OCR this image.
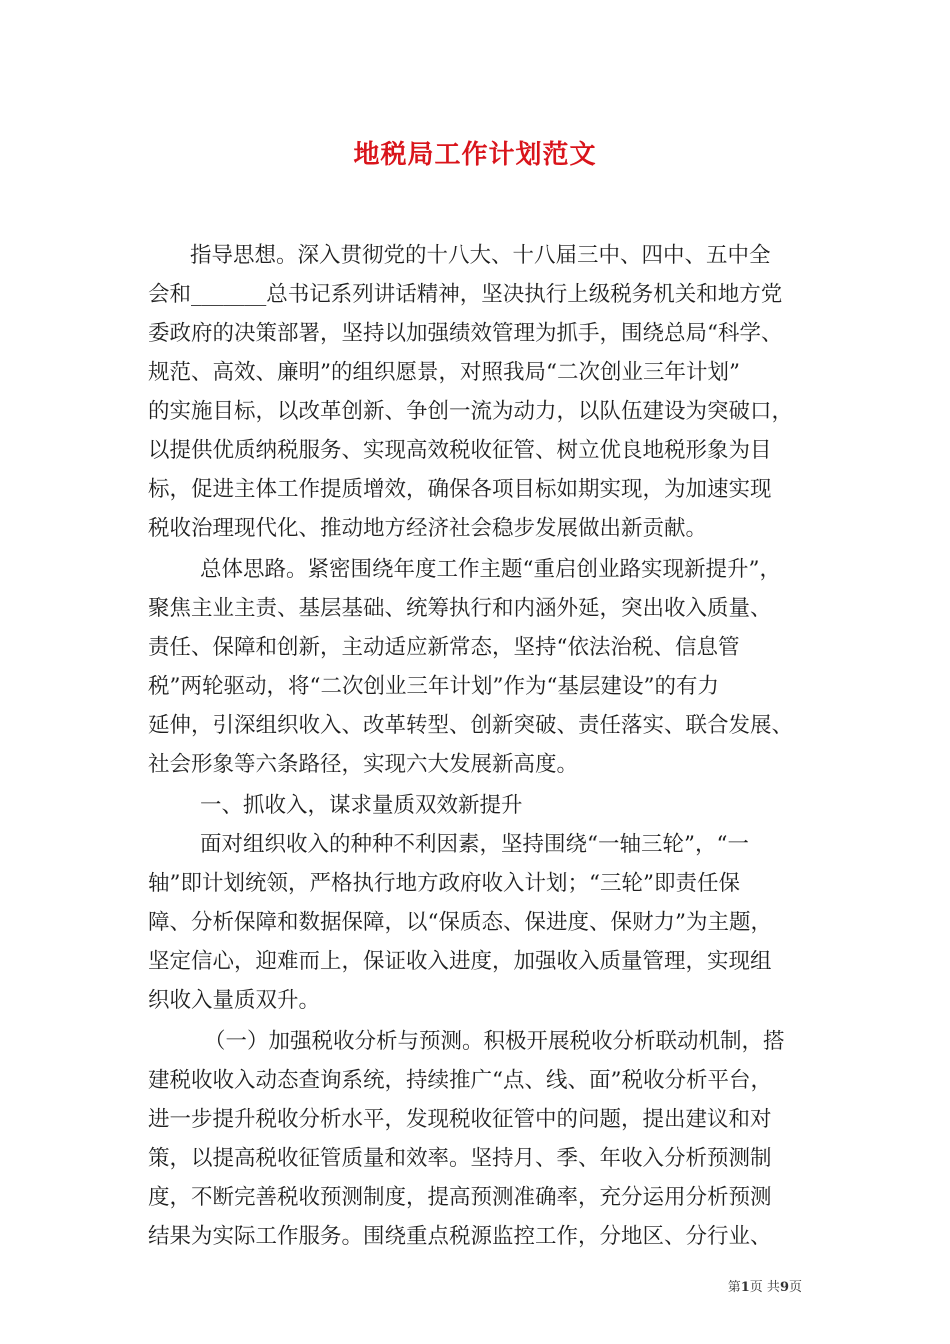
地税局工作计划范文
指导思想。深入贯彻党的十八大、十八届三中、四中、五中全
会和_______总书记系列讲话精神，坚决执行上级税务机关和地方党
委政府的决策部署，坚持以加强绩效管理为抓手，围绕总局“科学、
规范、高效、廉明”的组织愿景，对照我局“二次创业三年计划”
的实施目标，以改革创新、争创一流为动力，以队伍建设为突破口，
以提供优质纳税服务、实现高效税收征管、树立优良地税形象为目
标，促进主体工作提质增效，确保各项目标如期实现，为加速实现
税收治理现代化、推动地方经济社会稳步发展做出新贡献。
总体思路。紧密围绕年度工作主题“重启创业路实现新提升”，
聚焦主业主责、基层基础、统筹执行和内涵外延，突出收入质量、
责任、保障和创新，主动适应新常态，坚持“依法治税、信息管
税”两轮驱动，将“二次创业三年计划”作为“基层建设”的有力
延伸，引深组织收入、改革转型、创新突破、责任落实、联合发展、
社会形象等六条路径，实现六大发展新高度。
一、抓收入，谋求量质双效新提升
面对组织收入的种种不利因素，坚持围绕“一轴三轮”，“一
轴”即计划统领，严格执行地方政府收入计划；“三轮”即责任保
障、分析保障和数据保障，以“保质态、保进度、保财力”为主题，
坚定信心，迎难而上，保证收入进度，加强收入质量管理，实现组
织收入量质双升。
（一）加强税收分析与预测。积极开展税收分析联动机制，搭
建税收收入动态查询系统，持续推广“点、线、面”税收分析平台，
进一步提升税收分析水平，发现税收征管中的问题，提出建议和对
策，以提高税收征管质量和效率。坚持月、季、年收入分析预测制
度，不断完善税收预测制度，提高预测准确率，充分运用分析预测
结果为实际工作服务。围绕重点税源监控工作，分地区、分行业、
第1页 共9页
